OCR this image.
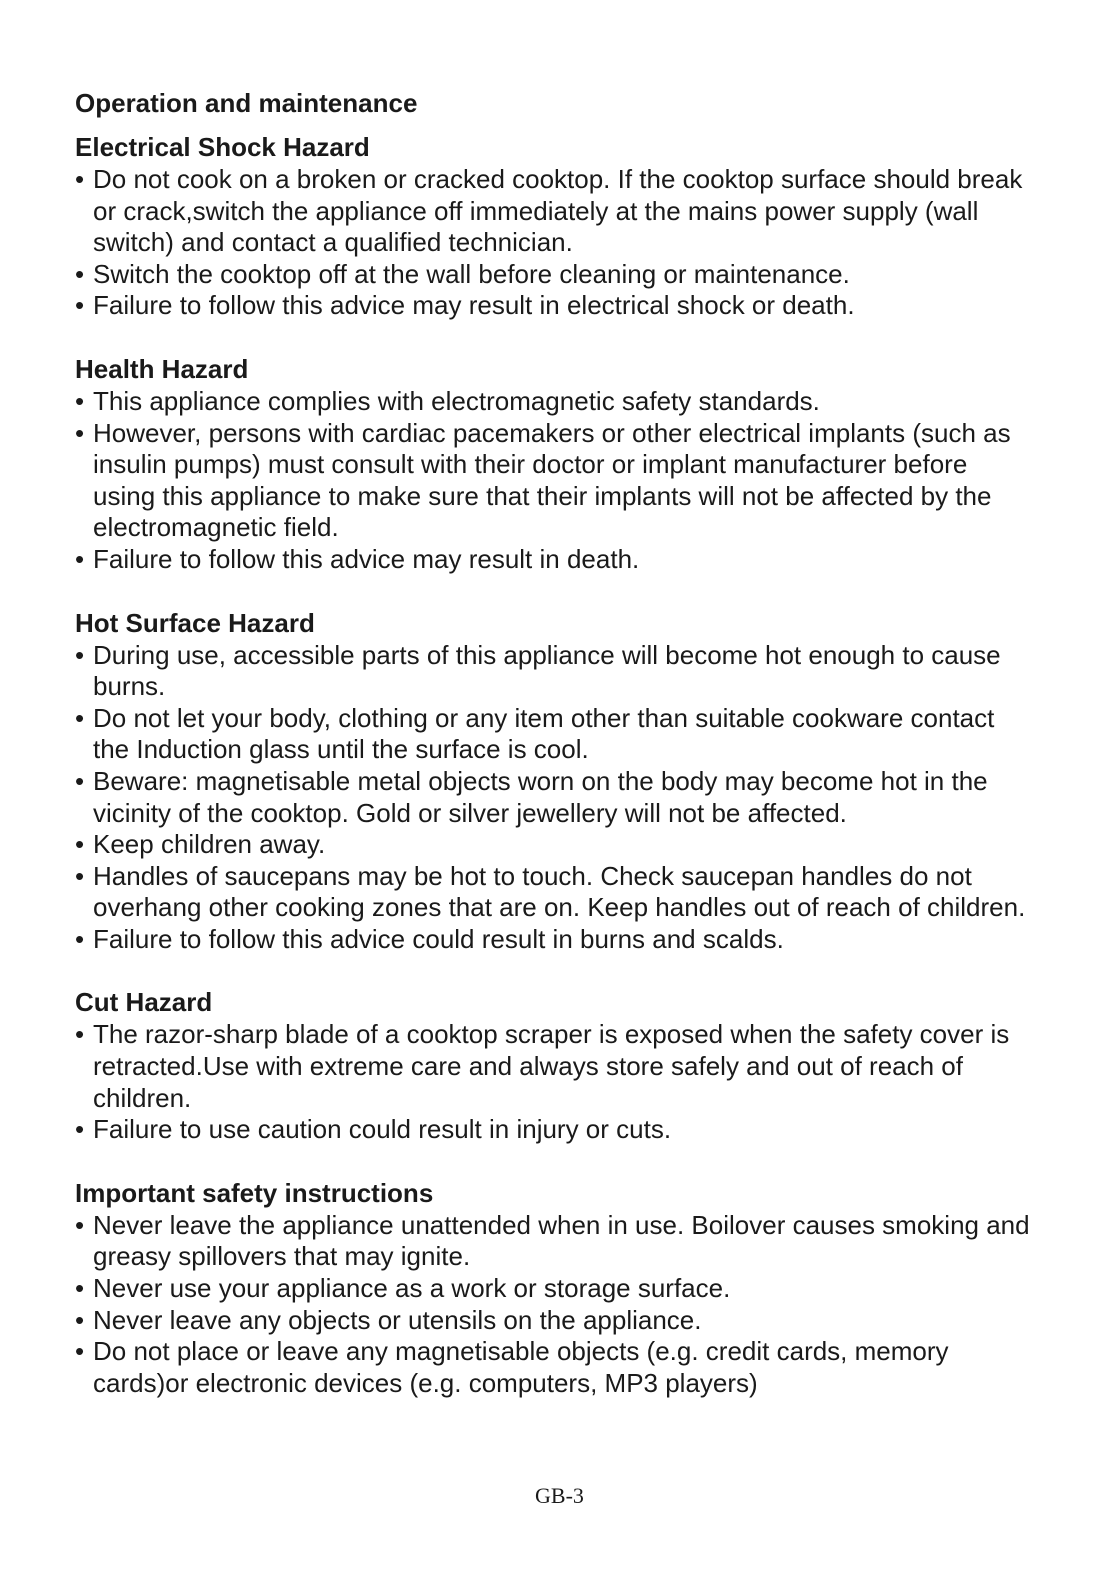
Operation and maintenance
Electrical Shock Hazard
• Do not cook on a broken or cracked cooktop. If the cooktop surface should break or crack,switch the appliance off immediately at the mains power supply (wall switch) and contact a qualified technician.
• Switch the cooktop off at the wall before cleaning or maintenance.
• Failure to follow this advice may result in electrical shock or death.
Health Hazard
• This appliance complies with electromagnetic safety standards.
• However, persons with cardiac pacemakers or other electrical implants (such as insulin pumps) must consult with their doctor or implant manufacturer before using this appliance to make sure that their implants will not be affected by the electromagnetic field.
• Failure to follow this advice may result in death.
Hot Surface Hazard
• During use, accessible parts of this appliance will become hot enough to cause burns.
• Do not let your body, clothing or any item other than suitable cookware contact the Induction glass until the surface is cool.
• Beware: magnetisable metal objects worn on the body may become hot in the vicinity of the cooktop. Gold or silver jewellery will not be affected.
• Keep children away.
• Handles of saucepans may be hot to touch. Check saucepan handles do not overhang other cooking zones that are on. Keep handles out of reach of children.
• Failure to follow this advice could result in burns and scalds.
Cut Hazard
• The razor-sharp blade of a cooktop scraper is exposed when the safety cover is retracted.Use with extreme care and always store safely and out of reach of children.
• Failure to use caution could result in injury or cuts.
Important safety instructions
• Never leave the appliance unattended when in use. Boilover causes smoking and greasy spillovers that may ignite.
• Never use your appliance as a work or storage surface.
• Never leave any objects or utensils on the appliance.
• Do not place or leave any magnetisable objects (e.g. credit cards, memory cards)or electronic devices (e.g. computers, MP3 players)
GB-3
